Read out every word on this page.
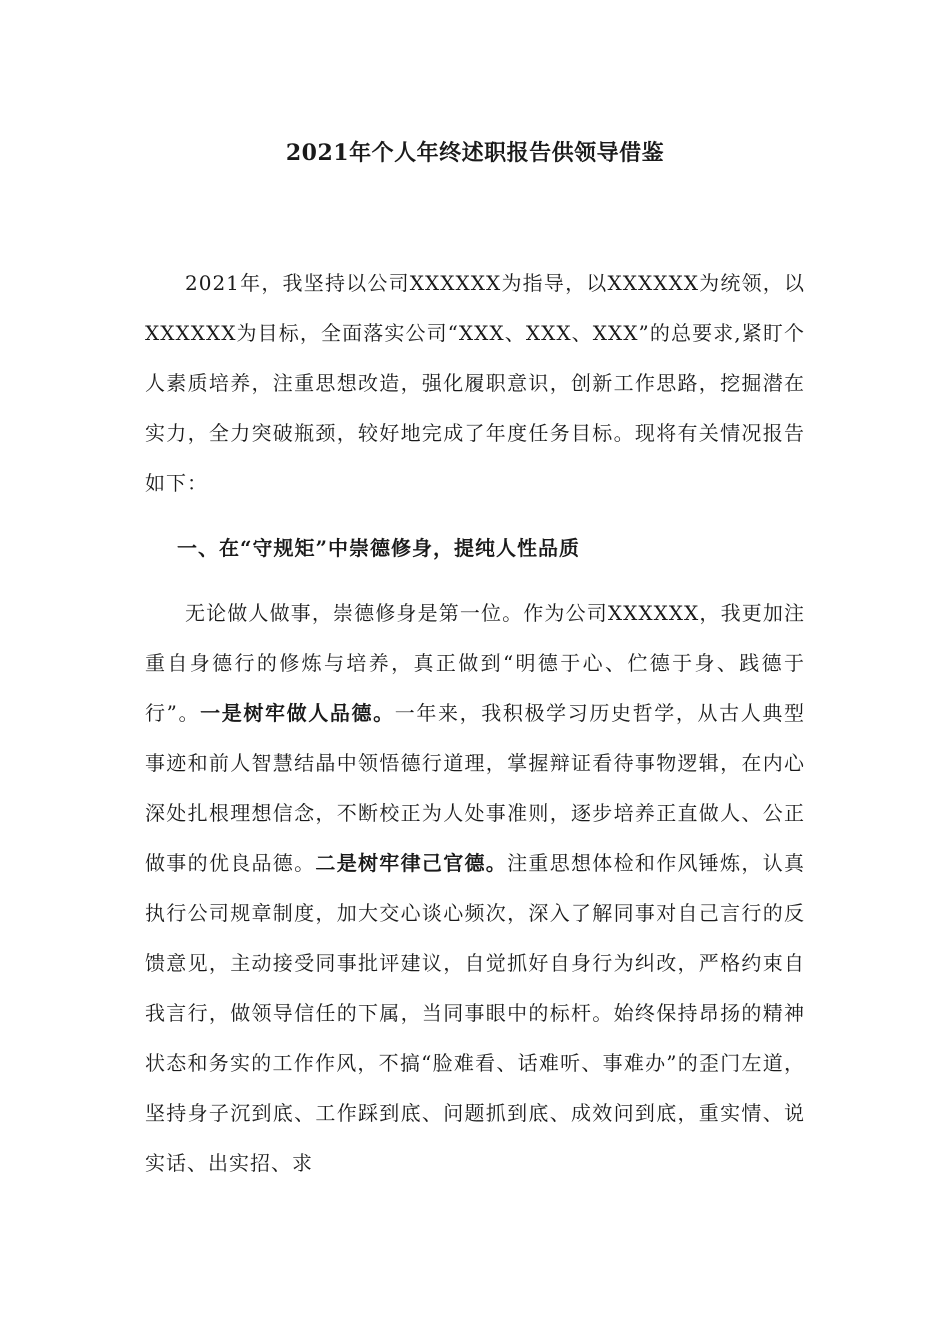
2021年个人年终述职报告供领导借鉴

2021年，我坚持以公司XXXXXX为指导，以XXXXXX为统领，以XXXXXX为目标，全面落实公司“XXX、XXX、XXX”的总要求,紧盯个人素质培养，注重思想改造，强化履职意识，创新工作思路，挖掘潜在实力，全力突破瓶颈，较好地完成了年度任务目标。现将有关情况报告如下：

一、在“守规矩”中崇德修身，提纯人性品质

无论做人做事，崇德修身是第一位。作为公司XXXXXX，我更加注重自身德行的修炼与培养，真正做到“明德于心、伫德于身、践德于行”。一是树牢做人品德。一年来，我积极学习历史哲学，从古人典型事迹和前人智慧结晶中领悟德行道理，掌握辩证看待事物逻辑，在内心深处扎根理想信念，不断校正为人处事准则，逐步培养正直做人、公正做事的优良品德。二是树牢律己官德。注重思想体检和作风锤炼，认真执行公司规章制度，加大交心谈心频次，深入了解同事对自己言行的反馈意见，主动接受同事批评建议，自觉抓好自身行为纠改，严格约束自我言行，做领导信任的下属，当同事眼中的标杆。始终保持昂扬的精神状态和务实的工作作风，不搞“脸难看、话难听、事难办”的歪门左道，坚持身子沉到底、工作踩到底、问题抓到底、成效问到底，重实情、说实话、出实招、求
